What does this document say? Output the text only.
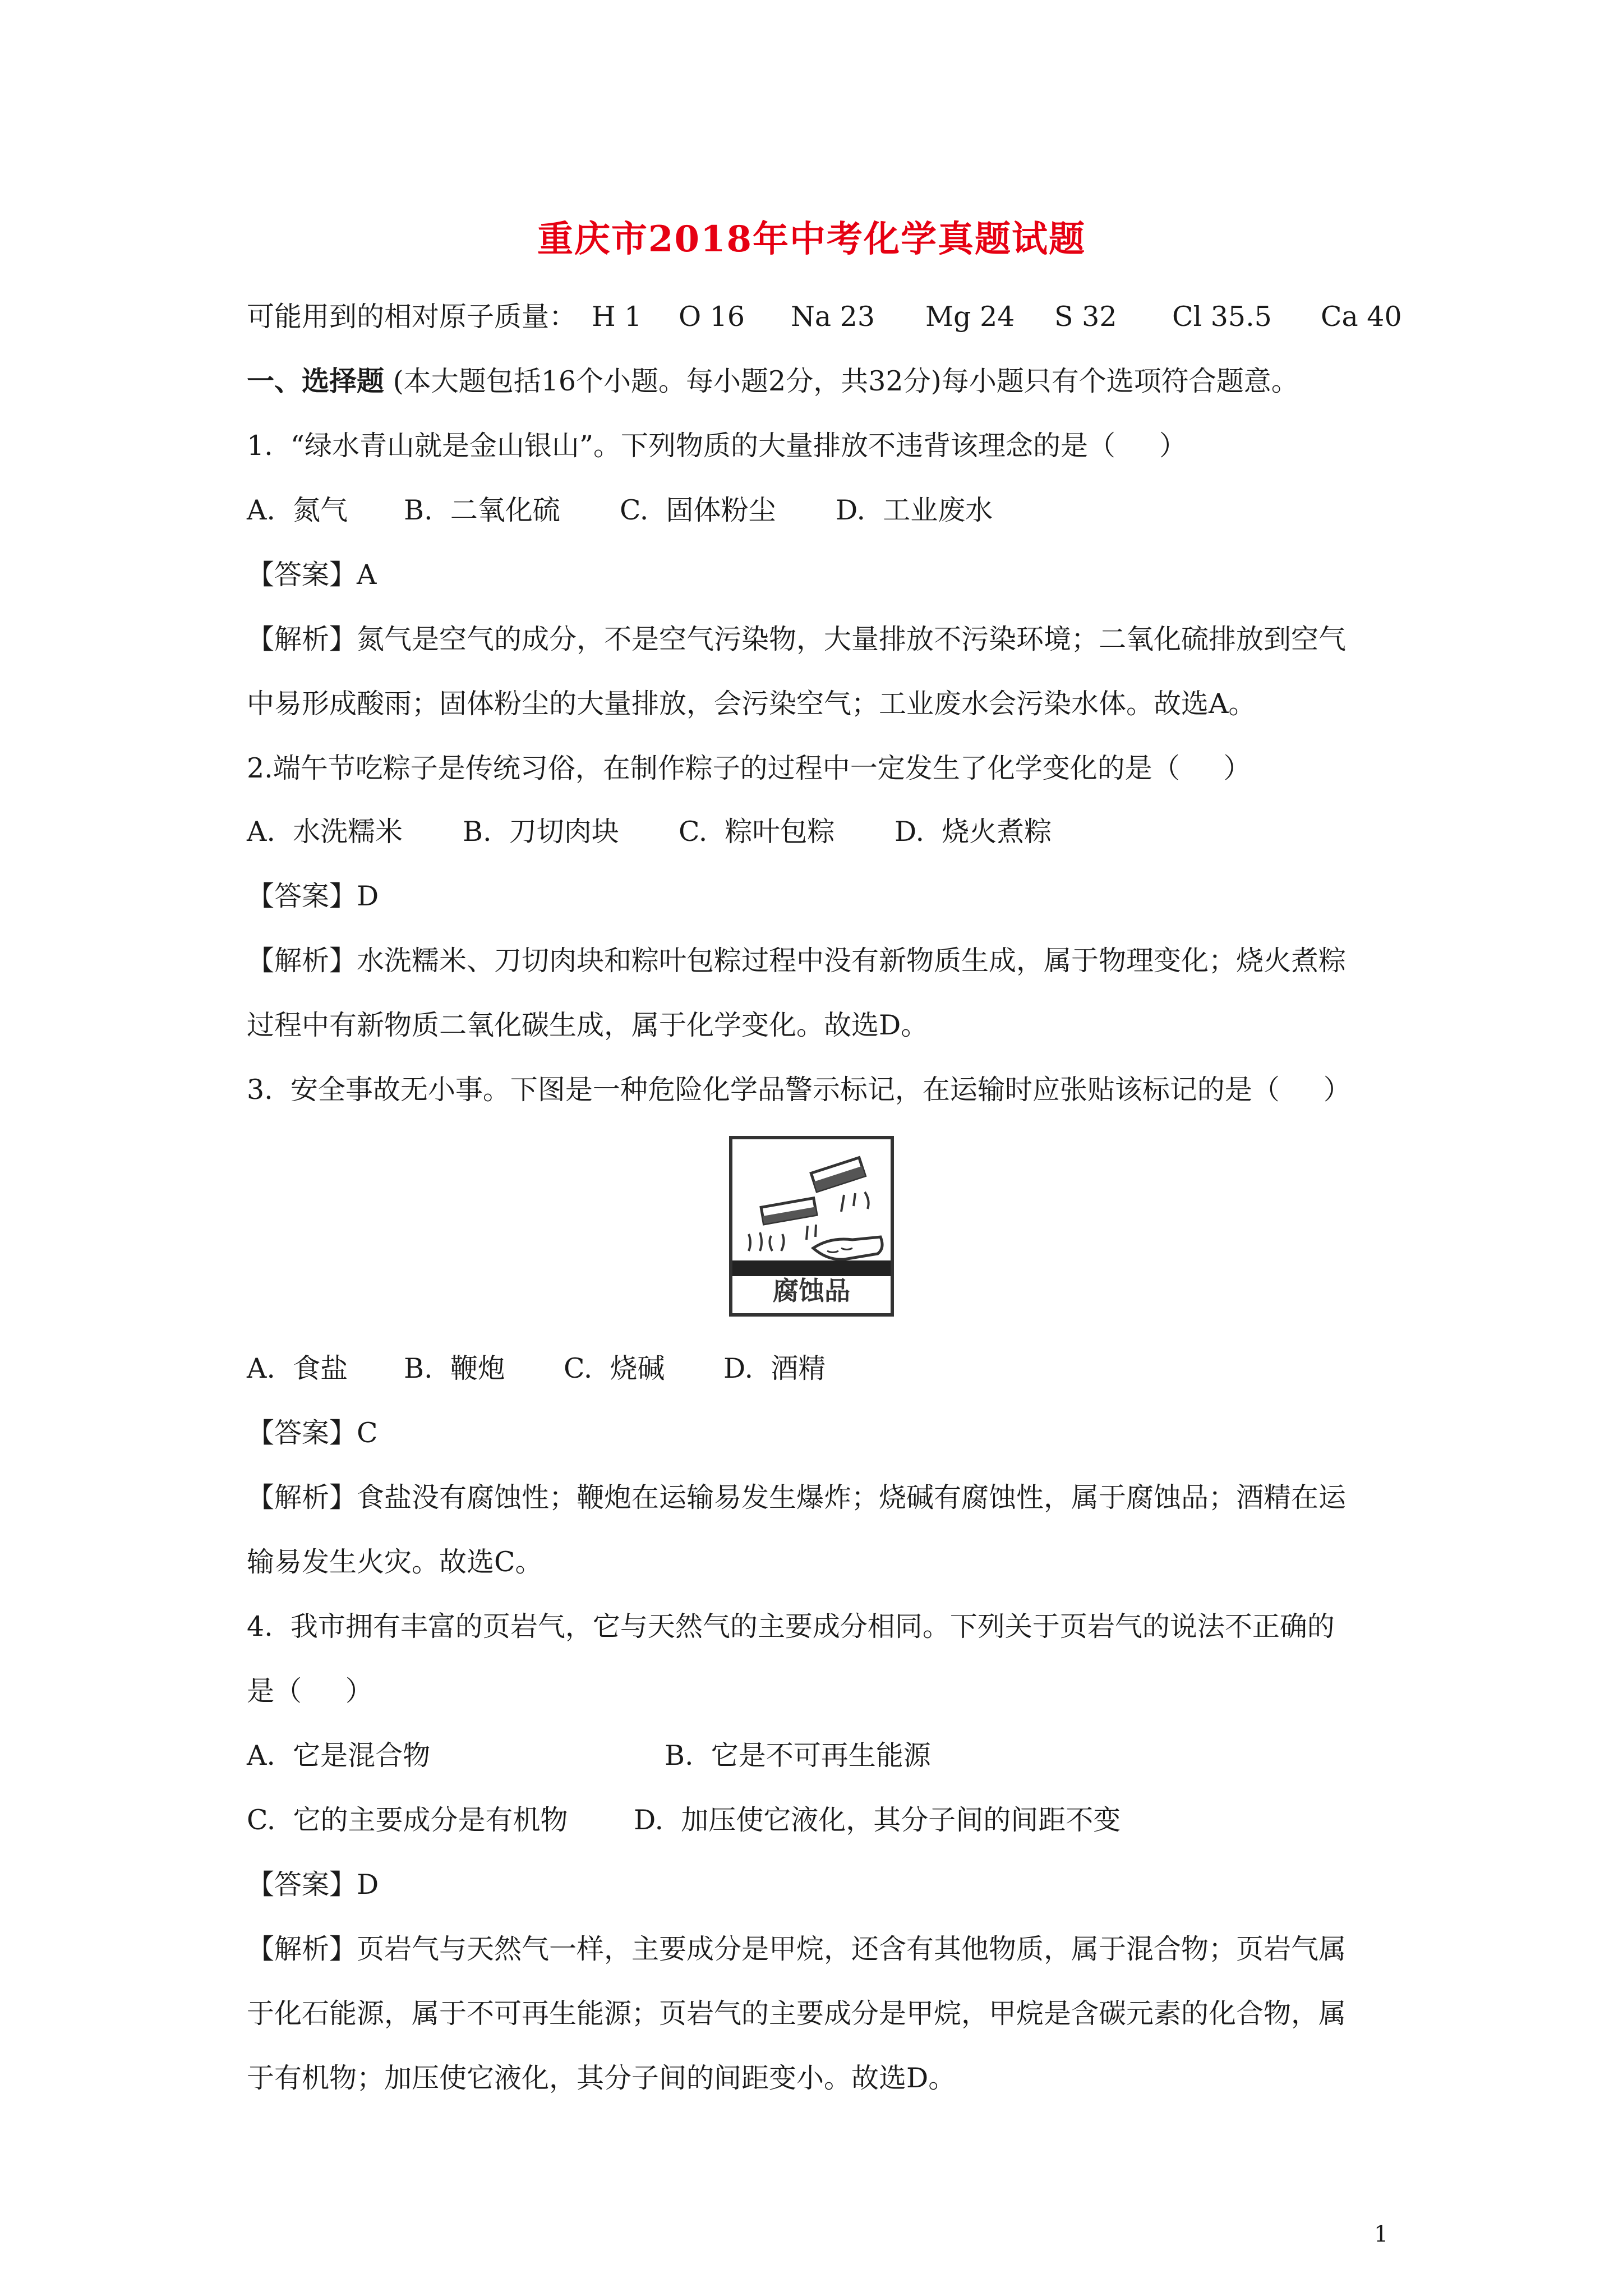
重庆市2018年中考化学真题试题
可能用到的相对原子质量： H 1 O 16 Na 23 Mg 24 S 32 Cl 35.5 Ca 40
一、选择题 (本大题包括16个小题。每小题2分，共32分)每小题只有个选项符合题意。
1.  “绿水青山就是金山银山”。下列物质的大量排放不违背该理念的是（     ）
A.  氮气 B.  二氧化硫 C.  固体粉尘 D.  工业废水
【答案】A
【解析】氮气是空气的成分，不是空气污染物，大量排放不污染环境；二氧化硫排放到空气
中易形成酸雨；固体粉尘的大量排放，会污染空气；工业废水会污染水体。故选A。
2.端午节吃粽子是传统习俗，在制作粽子的过程中一定发生了化学变化的是（     ）
A.  水洗糯米 B.  刀切肉块 C.  粽叶包粽 D.  烧火煮粽
【答案】D
【解析】水洗糯米、刀切肉块和粽叶包粽过程中没有新物质生成，属于物理变化；烧火煮粽
过程中有新物质二氧化碳生成，属于化学变化。故选D。
3.  安全事故无小事。下图是一种危险化学品警示标记，在运输时应张贴该标记的是（     ）
腐蚀品
A.  食盐 B.  鞭炮 C.  烧碱 D.  酒精
【答案】C
【解析】食盐没有腐蚀性；鞭炮在运输易发生爆炸；烧碱有腐蚀性，属于腐蚀品；酒精在运
输易发生火灾。故选C。
4.  我市拥有丰富的页岩气，它与天然气的主要成分相同。下列关于页岩气的说法不正确的
是（     ）
A.  它是混合物	B.  它是不可再生能源
C.  它的主要成分是有机物 D.  加压使它液化，其分子间的间距不变
【答案】D
【解析】页岩气与天然气一样，主要成分是甲烷，还含有其他物质，属于混合物；页岩气属
于化石能源，属于不可再生能源；页岩气的主要成分是甲烷，甲烷是含碳元素的化合物，属
于有机物；加压使它液化，其分子间的间距变小。故选D。
1
